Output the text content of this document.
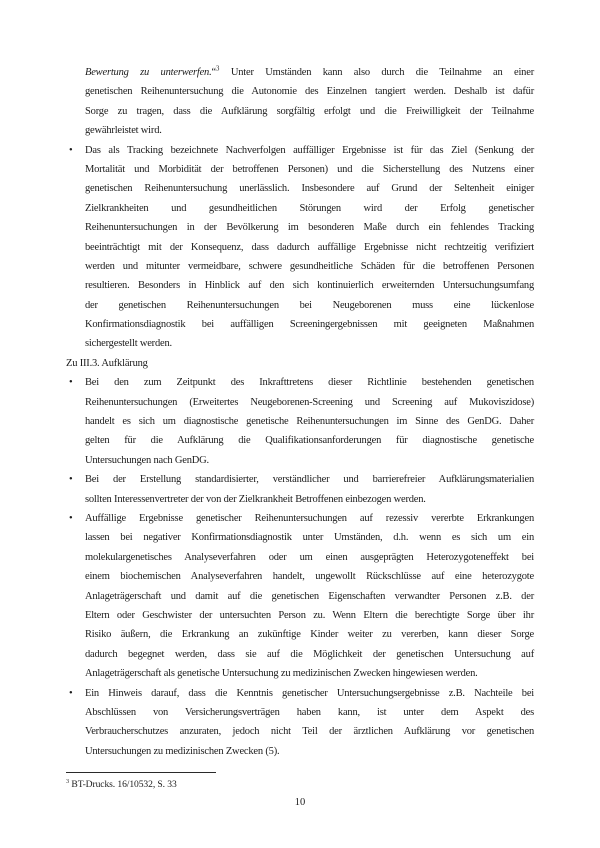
Bewertung zu unterwerfen.“$^3$ Unter Umständen kann also durch die Teilnahme an einer
genetischen Reihenuntersuchung die Autonomie des Einzelnen tangiert werden. Deshalb ist dafür
Sorge zu tragen, dass die Aufklärung sorgfältig erfolgt und die Freiwilligkeit der Teilnahme
gewährleistet wird.
• Das als Tracking bezeichnete Nachverfolgen auffälliger Ergebnisse ist für das Ziel (Senkung der
Mortalität und Morbidität der betroffenen Personen) und die Sicherstellung des Nutzens einer
genetischen Reihenuntersuchung unerlässlich. Insbesondere auf Grund der Seltenheit einiger
Zielkrankheiten und gesundheitlichen Störungen wird der Erfolg genetischer
Reihenuntersuchungen in der Bevölkerung im besonderen Maße durch ein fehlendes Tracking
beeinträchtigt mit der Konsequenz, dass dadurch auffällige Ergebnisse nicht rechtzeitig verifiziert
werden und mitunter vermeidbare, schwere gesundheitliche Schäden für die betroffenen Personen
resultieren. Besonders in Hinblick auf den sich kontinuierlich erweiternden Untersuchungsumfang
der genetischen Reihenuntersuchungen bei Neugeborenen muss eine lückenlose
Konfirmationsdiagnostik bei auffälligen Screeningergebnissen mit geeigneten Maßnahmen
sichergestellt werden.
Zu III.3. Aufklärung
• Bei den zum Zeitpunkt des Inkrafttretens dieser Richtlinie bestehenden genetischen
Reihenuntersuchungen (Erweitertes Neugeborenen-Screening und Screening auf Mukoviszidose)
handelt es sich um diagnostische genetische Reihenuntersuchungen im Sinne des GenDG. Daher
gelten für die Aufklärung die Qualifikationsanforderungen für diagnostische genetische
Untersuchungen nach GenDG.
• Bei der Erstellung standardisierter, verständlicher und barrierefreier Aufklärungsmaterialien
sollten Interessenvertreter der von der Zielkrankheit Betroffenen einbezogen werden.
• Auffällige Ergebnisse genetischer Reihenuntersuchungen auf rezessiv vererbte Erkrankungen
lassen bei negativer Konfirmationsdiagnostik unter Umständen, d.h. wenn es sich um ein
molekulargenetisches Analyseverfahren oder um einen ausgeprägten Heterozygoteneffekt bei
einem biochemischen Analyseverfahren handelt, ungewollt Rückschlüsse auf eine heterozygote
Anlageträgerschaft und damit auf die genetischen Eigenschaften verwandter Personen z.B. der
Eltern oder Geschwister der untersuchten Person zu. Wenn Eltern die berechtigte Sorge über ihr
Risiko äußern, die Erkrankung an zukünftige Kinder weiter zu vererben, kann dieser Sorge
dadurch begegnet werden, dass sie auf die Möglichkeit der genetischen Untersuchung auf
Anlageträgerschaft als genetische Untersuchung zu medizinischen Zwecken hingewiesen werden.
• Ein Hinweis darauf, dass die Kenntnis genetischer Untersuchungsergebnisse z.B. Nachteile bei
Abschlüssen von Versicherungsverträgen haben kann, ist unter dem Aspekt des
Verbraucherschutzes anzuraten, jedoch nicht Teil der ärztlichen Aufklärung vor genetischen
Untersuchungen zu medizinischen Zwecken (5).
$^3$ BT-Drucks. 16/10532, S. 33
10
